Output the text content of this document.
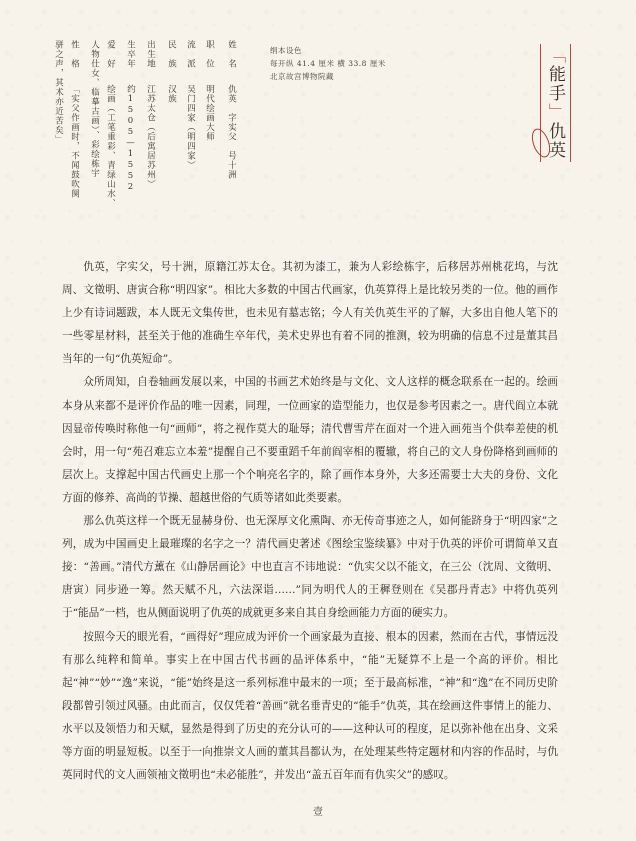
姓　名仇英　字实父　号十洲
职　位明代绘画大师
流　派吴门四家（明四家）
民　族汉族
出生地江苏太仓（后寓居苏州）
生卒年约1505—1552
爱　好绘画（工笔重彩、青绿山水、
人物仕女、临摹古画）、彩绘栋宇
性　格「实父作画时，不闻鼓吹阒
骈之声，其术亦近苦矣」	绢本设色
每开纵 41.4 厘米 横 33.8 厘米
北京故宫博物院藏
「能手」仇英

仇英，字实父，号十洲，原籍江苏太仓。其初为漆工，兼为人彩绘栋宇，后移居苏州桃花坞，与沈周、文徵明、唐寅合称“明四家”。相比大多数的中国古代画家，仇英算得上是比较另类的一位。他的画作上少有诗词题跋，本人既无文集传世，也未见有墓志铭；今人有关仇英生平的了解，大多出自他人笔下的一些零星材料，甚至关于他的准确生卒年代，美术史界也有着不同的推测，较为明确的信息不过是董其昌当年的一句“仇英短命”。

众所周知，自卷轴画发展以来，中国的书画艺术始终是与文化、文人这样的概念联系在一起的。绘画本身从来都不是评价作品的唯一因素，同理，一位画家的造型能力，也仅是参考因素之一。唐代阎立本就因显帝传唤时称他一句“画师”，将之视作莫大的耻辱；清代曹雪芹在面对一个进入画苑当个供奉差使的机会时，用一句“苑召难忘立本羞”提醒自己不要重蹈千年前阎宰相的覆辙，将自己的文人身份降格到画师的层次上。支撑起中国古代画史上那一个个响亮名字的，除了画作本身外，大多还需要士大夫的身份、文化方面的修养、高尚的节操、超越世俗的气质等诸如此类要素。

那么仇英这样一个既无显赫身份、也无深厚文化熏陶、亦无传奇事迹之人，如何能跻身于“明四家”之列，成为中国画史上最璀璨的名字之一？清代画史著述《图绘宝鉴续纂》中对于仇英的评价可谓简单又直接：“善画。”清代方薰在《山静居画论》中也直言不讳地说：“仇实父以不能文，在三公（沈周、文徵明、唐寅）同步逊一筹。然天赋不凡，六法深诣……”同为明代人的王穉登则在《吴郡丹青志》中将仇英列于“能品”一档，也从侧面说明了仇英的成就更多来自其自身绘画能力方面的硬实力。

按照今天的眼光看，“画得好”理应成为评价一个画家最为直接、根本的因素，然而在古代，事情远没有那么纯粹和简单。事实上在中国古代书画的品评体系中，“能”无疑算不上是一个高的评价。相比起“神”“妙”“逸”来说，“能”始终是这一系列标准中最末的一项；至于最高标准，“神”和“逸”在不同历史阶段都曾引领过风骚。由此而言，仅仅凭着“善画”就名垂青史的“能手”仇英，其在绘画这件事情上的能力、水平以及领悟力和天赋，显然是得到了历史的充分认可的——这种认可的程度，足以弥补他在出身、文采等方面的明显短板。以至于一向推崇文人画的董其昌都认为，在处理某些特定题材和内容的作品时，与仇英同时代的文人画领袖文徵明也“未必能胜”，并发出“盖五百年而有仇实父”的感叹。

壹
